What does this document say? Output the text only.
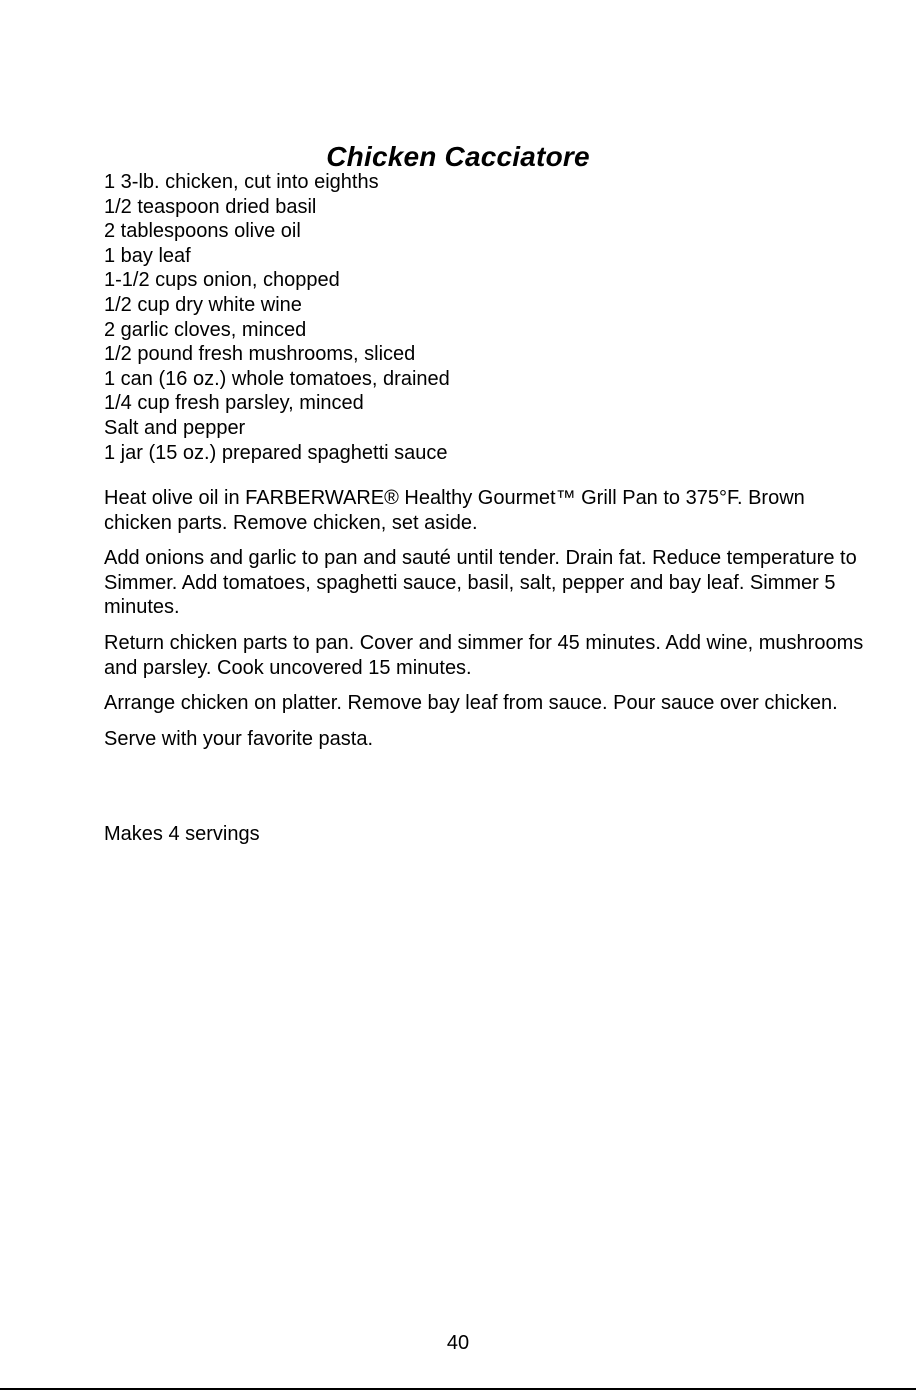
Chicken Cacciatore
1 3-lb. chicken, cut into eighths
1/2 teaspoon dried basil
2 tablespoons olive oil
1 bay leaf
1-1/2 cups onion, chopped
1/2 cup dry white wine
2 garlic cloves, minced
1/2 pound fresh mushrooms, sliced
1 can (16 oz.) whole tomatoes, drained
1/4 cup fresh parsley, minced
Salt and pepper
1 jar (15 oz.) prepared spaghetti sauce

Heat olive oil in FARBERWARE® Healthy Gourmet™ Grill Pan to 375°F. Brown chicken parts. Remove chicken, set aside.

Add onions and garlic to pan and sauté until tender. Drain fat. Reduce temperature to Simmer. Add tomatoes, spaghetti sauce, basil, salt, pepper and bay leaf. Simmer 5 minutes.

Return chicken parts to pan. Cover and simmer for 45 minutes. Add wine, mushrooms and parsley. Cook uncovered 15 minutes.

Arrange chicken on platter. Remove bay leaf from sauce. Pour sauce over chicken.

Serve with your favorite pasta.

Makes 4 servings

40
